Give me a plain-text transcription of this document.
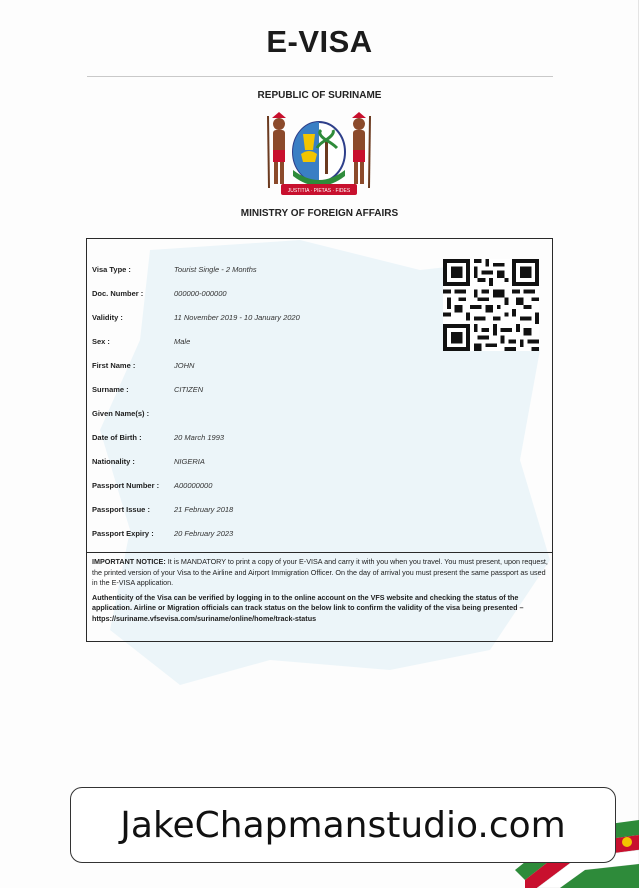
E-VISA
REPUBLIC OF SURINAME
JUSTITIA · PIETAS · FIDES
MINISTRY OF FOREIGN AFFAIRS
Visa Type :	Tourist Single - 2 Months
Doc. Number :	000000-000000
Validity :	11 November 2019 - 10 January 2020
Sex :	Male
First Name :	JOHN
Surname :	CITIZEN
Given Name(s) :
Date of Birth :	20 March 1993
Nationality :	NIGERIA
Passport Number :	A00000000
Passport Issue :	21 February 2018
Passport Expiry :	20 February 2023
IMPORTANT NOTICE: It is MANDATORY to print a copy of your E-VISA and carry it with you when you travel. You must present, upon request, the printed version of your Visa to the Airline and Airport Immigration Officer. On the day of arrival you must present the same passport as used in the E-VISA application.
Authenticity of the Visa can be verified by logging in to the online account on the VFS website and checking the status of the application. Airline or Migration officials can track status on the below link to confirm the validity of the visa being presented – https://suriname.vfsevisa.com/suriname/online/home/track-status
JakeChapmanstudio.com
